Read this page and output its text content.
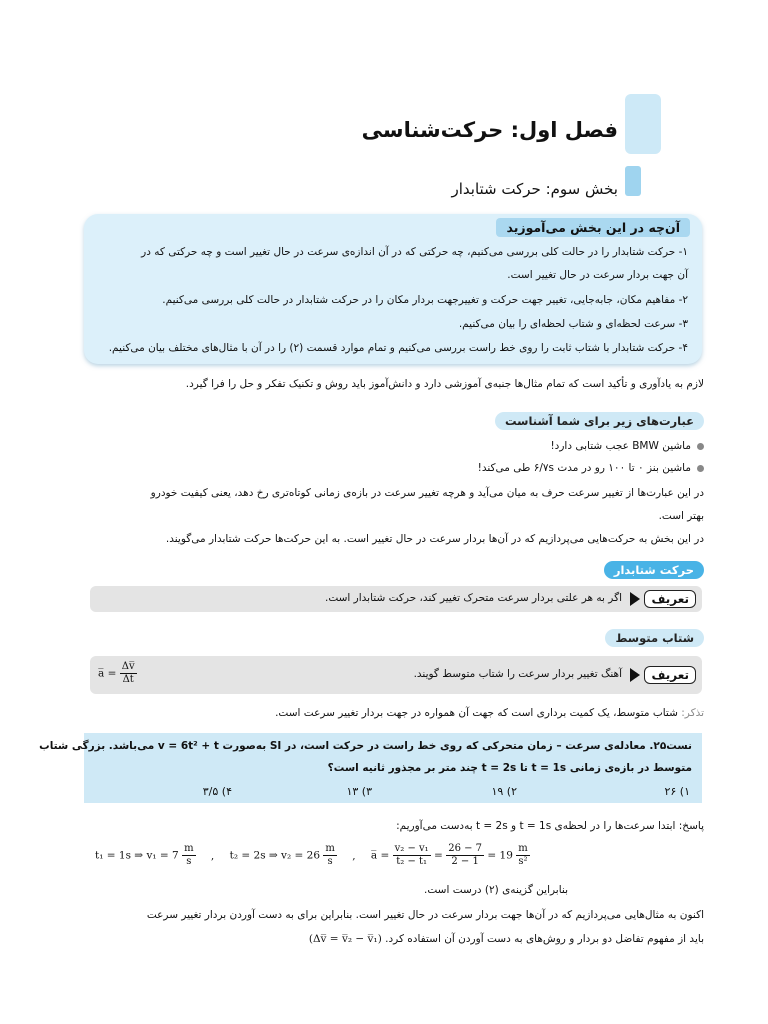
فصل اول: حرکت‌شناسی
بخش سوم: حرکت شتابدار
آن‌چه در این بخش می‌آموزید
۱- حرکت شتابدار را در حالت کلی بررسی می‌کنیم، چه حرکتی که در آن اندازه‌ی سرعت در حال تغییر است و چه حرکتی که در
آن جهت بردار سرعت در حال تغییر است.
۲- مفاهیم مکان، جابه‌جایی، تغییر جهت حرکت و تغییرجهت بردار مکان را در حرکت شتابدار در حالت کلی بررسی می‌کنیم.
۳- سرعت لحظه‌ای و شتاب لحظه‌ای را بیان می‌کنیم.
۴- حرکت شتابدار با شتاب ثابت را روی خط راست بررسی می‌کنیم و تمام موارد قسمت (۲) را در آن با مثال‌های مختلف بیان می‌کنیم.
لازم به یادآوری و تأکید است که تمام مثال‌ها جنبه‌ی آموزشی دارد و دانش‌آموز باید روش و تکنیک تفکر و حل را فرا گیرد.
عبارت‌های زیر برای شما آشناست
ماشین BMW عجب شتابی دارد!
ماشین بنز ۰ تا ۱۰۰ رو در مدت ۶/۷s طی می‌کند!
در این عبارت‌ها از تغییر سرعت حرف به میان می‌آید و هرچه تغییر سرعت در بازه‌ی زمانی کوتاه‌تری رخ دهد، یعنی کیفیت خودرو
بهتر است.
در این بخش به حرکت‌هایی می‌پردازیم که در آن‌ها بردار سرعت در حال تغییر است. به این حرکت‌ها حرکت شتابدار می‌گویند.
حرکت شتابدار
تعریف
اگر به هر علتی بردار سرعت متحرک تغییر کند، حرکت شتابدار است.
شتاب متوسط
تعریف
آهنگ تغییر بردار سرعت را شتاب متوسط گویند.
a̅ = $\frac{\Delta v̅}{\Delta t}$
تذکر: شتاب متوسط، یک کمیت برداری است که جهت آن همواره در جهت بردار تغییر سرعت است.
نست۲۵. معادله‌ی سرعت – زمان متحرکی که روی خط راست در حرکت است، در SI به‌صورت v = 6t² + t می‌باشد. بزرگی شتاب
متوسط در بازه‌ی زمانی t = 1s تا t = 2s چند متر بر مجذور ثانیه است؟
۱) ۲۶
۲) ۱۹
۳) ۱۳
۴) ۳/۵
پاسخ: ابتدا سرعت‌ها را در لحظه‌ی t = 1s و t = 2s به‌دست می‌آوریم:
t₁ = 1s ⇒ $v_1 = 7 \frac{m}{s}$ , t₂ = 2s ⇒ $v_2 = 26 \frac{m}{s}$ , a̅ = $\frac{\text{v₂ − v₁}}{\text{t₂ − t₁}} = \frac{26 - 7}{2 - 1} = 19 \frac{m}{\text{s²}}$
بنابراین گزینه‌ی (۲) درست است.
اکنون به مثال‌هایی می‌پردازیم که در آن‌ها جهت بردار سرعت در حال تغییر است. بنابراین برای به دست آوردن بردار تغییر سرعت
باید از مفهوم تفاضل دو بردار و روش‌های به دست آوردن آن استفاده کرد. (Δv̅ = v̅₂ − v̅₁)
